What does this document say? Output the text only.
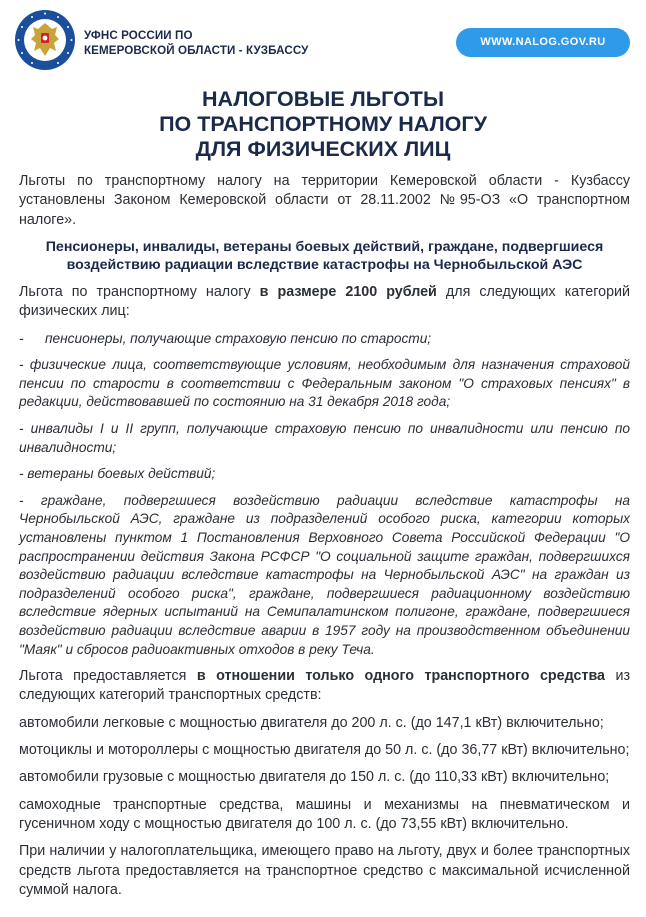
УФНС РОССИИ ПО
КЕМЕРОВСКОЙ ОБЛАСТИ - КУЗБАССУ
WWW.NALOG.GOV.RU
НАЛОГОВЫЕ ЛЬГОТЫ
ПО ТРАНСПОРТНОМУ НАЛОГУ
ДЛЯ ФИЗИЧЕСКИХ ЛИЦ

Льготы по транспортному налогу на территории Кемеровской области - Кузбассу установлены Законом Кемеровской области от 28.11.2002 №95-ОЗ «О транспортном налоге».

Пенсионеры, инвалиды, ветераны боевых действий, граждане, подвергшиеся воздействию радиации вследствие катастрофы на Чернобыльской АЭС

Льгота по транспортному налогу в размере 2100 рублей для следующих категорий физических лиц:

- пенсионеры, получающие страховую пенсию по старости;

- физические лица, соответствующие условиям, необходимым для назначения страховой пенсии по старости в соответствии с Федеральным законом "О страховых пенсиях" в редакции, действовавшей по состоянию на 31 декабря 2018 года;

- инвалиды I и II групп, получающие страховую пенсию по инвалидности или пенсию по инвалидности;

- ветераны боевых действий;

- граждане, подвергшиеся воздействию радиации вследствие катастрофы на Чернобыльской АЭС, граждане из подразделений особого риска, категории которых установлены пунктом 1 Постановления Верховного Совета Российской Федерации "О распространении действия Закона РСФСР "О социальной защите граждан, подвергшихся воздействию радиации вследствие катастрофы на Чернобыльской АЭС" на граждан из подразделений особого риска", граждане, подвергшиеся радиационному воздействию вследствие ядерных испытаний на Семипалатинском полигоне, граждане, подвергшиеся воздействию радиации вследствие аварии в 1957 году на производственном объединении "Маяк" и сбросов радиоактивных отходов в реку Теча.

Льгота предоставляется в отношении только одного транспортного средства из следующих категорий транспортных средств:

автомобили легковые с мощностью двигателя до 200 л. с. (до 147,1 кВт) включительно;

мотоциклы и мотороллеры с мощностью двигателя до 50 л. с. (до 36,77 кВт) включительно;

автомобили грузовые с мощностью двигателя до 150 л. с. (до 110,33 кВт) включительно;

самоходные транспортные средства, машины и механизмы на пневматическом и гусеничном ходу с мощностью двигателя до 100 л. с. (до 73,55 кВт) включительно.

При наличии у налогоплательщика, имеющего право на льготу, двух и более транспортных средств льгота предоставляется на транспортное средство с максимальной исчисленной суммой налога.
